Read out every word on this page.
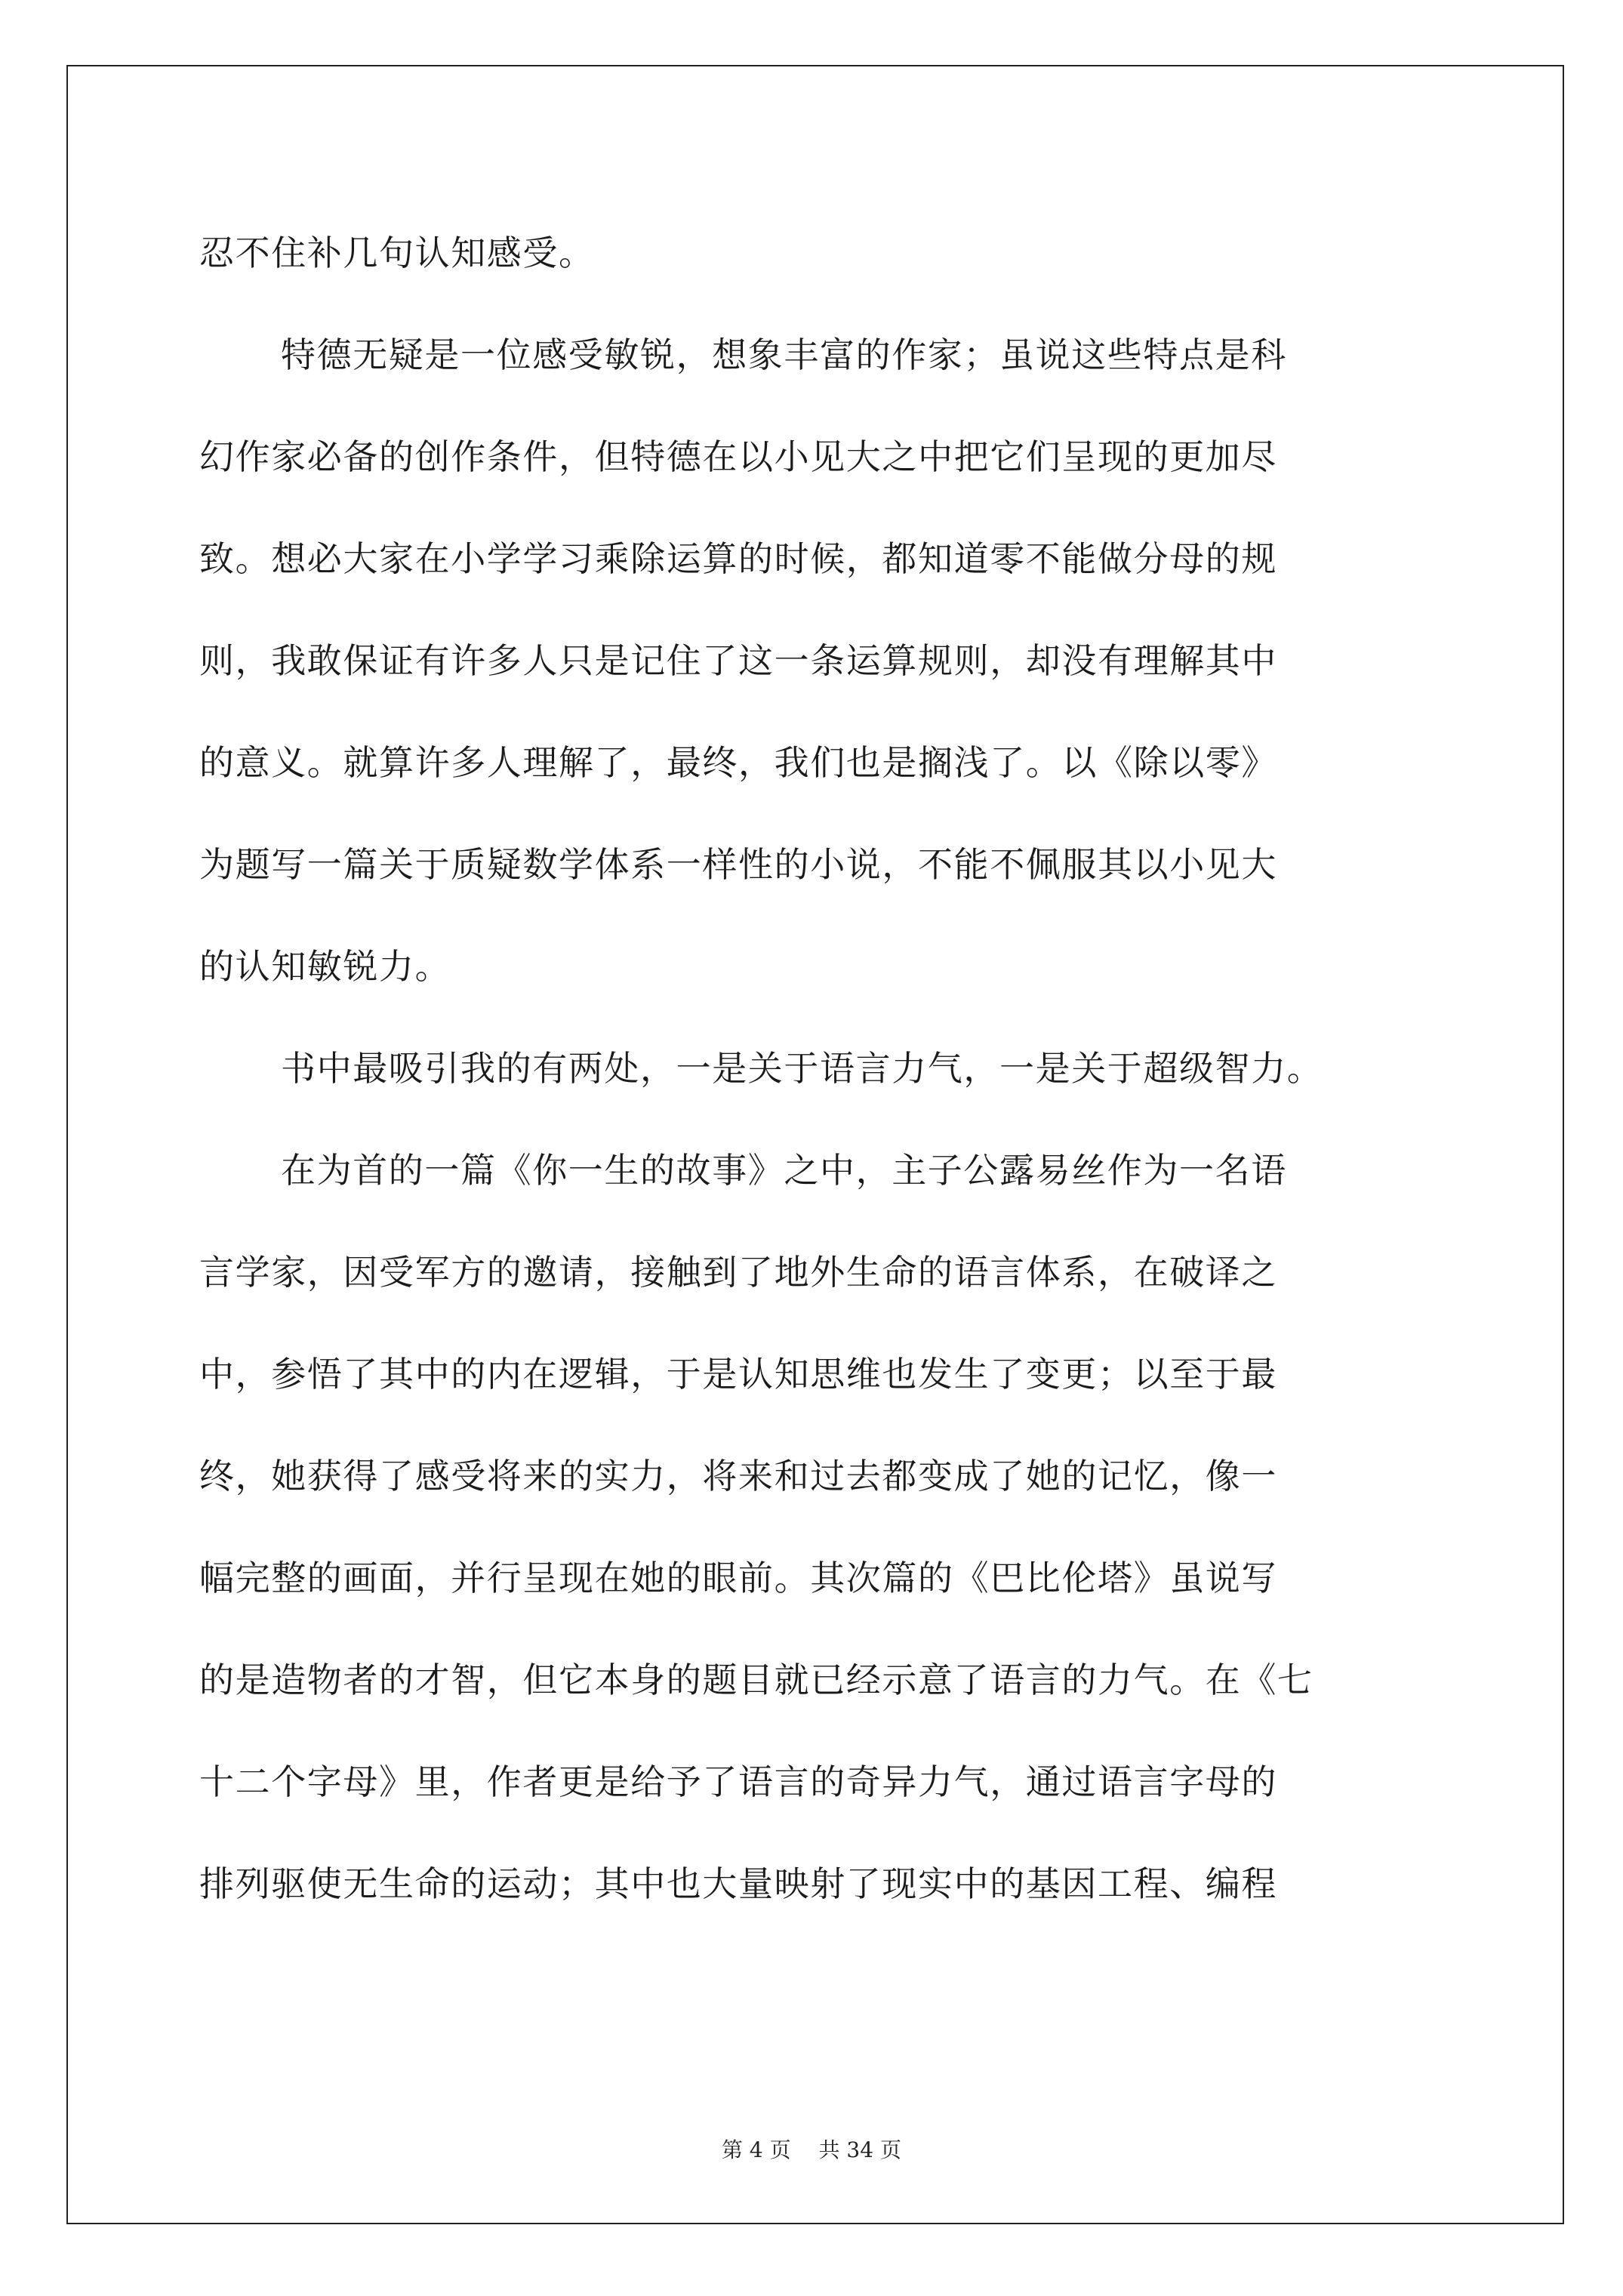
忍不住补几句认知感受。
特德无疑是一位感受敏锐，想象丰富的作家；虽说这些特点是科
幻作家必备的创作条件，但特德在以小见大之中把它们呈现的更加尽
致。想必大家在小学学习乘除运算的时候，都知道零不能做分母的规
则，我敢保证有许多人只是记住了这一条运算规则，却没有理解其中
的意义。就算许多人理解了，最终，我们也是搁浅了。以《除以零》
为题写一篇关于质疑数学体系一样性的小说，不能不佩服其以小见大
的认知敏锐力。
书中最吸引我的有两处，一是关于语言力气，一是关于超级智力。
在为首的一篇《你一生的故事》之中，主子公露易丝作为一名语
言学家，因受军方的邀请，接触到了地外生命的语言体系，在破译之
中，参悟了其中的内在逻辑，于是认知思维也发生了变更；以至于最
终，她获得了感受将来的实力，将来和过去都变成了她的记忆，像一
幅完整的画面，并行呈现在她的眼前。其次篇的《巴比伦塔》虽说写
的是造物者的才智，但它本身的题目就已经示意了语言的力气。在《七
十二个字母》里，作者更是给予了语言的奇异力气，通过语言字母的
排列驱使无生命的运动；其中也大量映射了现实中的基因工程、编程
第 4 页　 共 34 页
